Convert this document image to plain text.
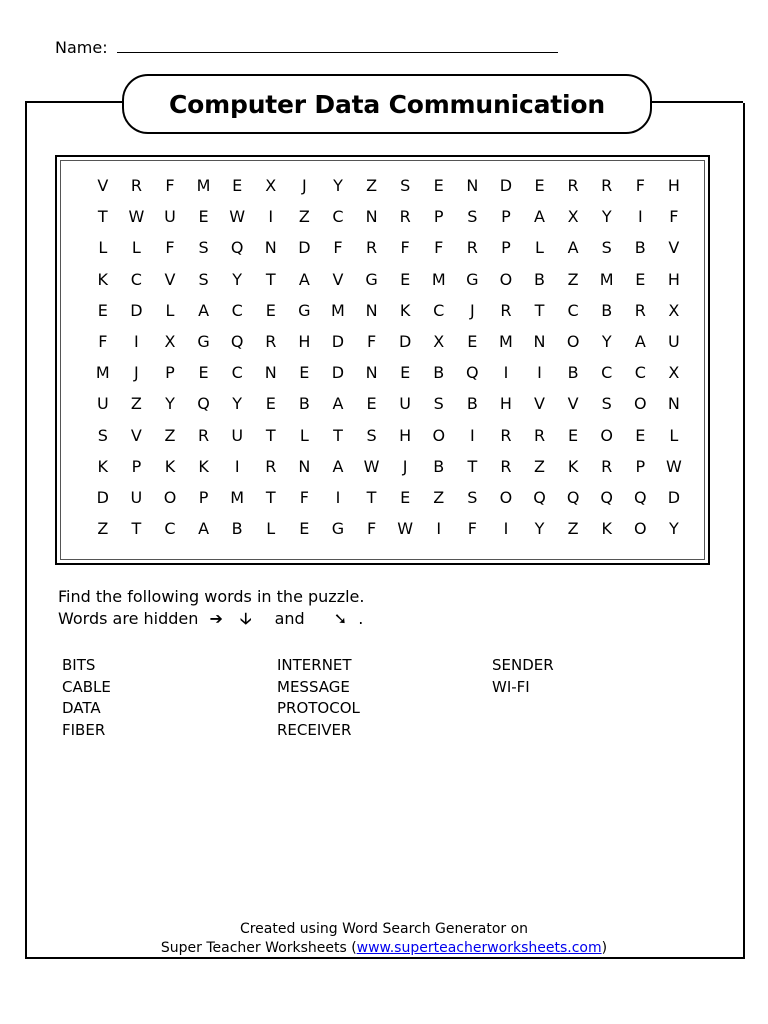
Name:
Computer Data Communication
V	R	F	M	E	X	J	Y	Z	S	E	N	D	E	R	R	F	H
T	W	U	E	W	I	Z	C	N	R	P	S	P	A	X	Y	I	F
L	L	F	S	Q	N	D	F	R	F	F	R	P	L	A	S	B	V
K	C	V	S	Y	T	A	V	G	E	M	G	O	B	Z	M	E	H
E	D	L	A	C	E	G	M	N	K	C	J	R	T	C	B	R	X
F	I	X	G	Q	R	H	D	F	D	X	E	M	N	O	Y	A	U
M	J	P	E	C	N	E	D	N	E	B	Q	I	I	B	C	C	X
U	Z	Y	Q	Y	E	B	A	E	U	S	B	H	V	V	S	O	N
S	V	Z	R	U	T	L	T	S	H	O	I	R	R	E	O	E	L
K	P	K	K	I	R	N	A	W	J	B	T	R	Z	K	R	P	W
D	U	O	P	M	T	F	I	T	E	Z	S	O	Q	Q	Q	Q	D
Z	T	C	A	B	L	E	G	F	W	I	F	I	Y	Z	K	O	Y
Find the following words in the puzzle.
Words are hidden ➔ 🡣 and ➘ .
BITS
CABLE
DATA
FIBER
INTERNET
MESSAGE
PROTOCOL
RECEIVER
SENDER
WI-FI
Created using Word Search Generator on
Super Teacher Worksheets (www.superteacherworksheets.com)
